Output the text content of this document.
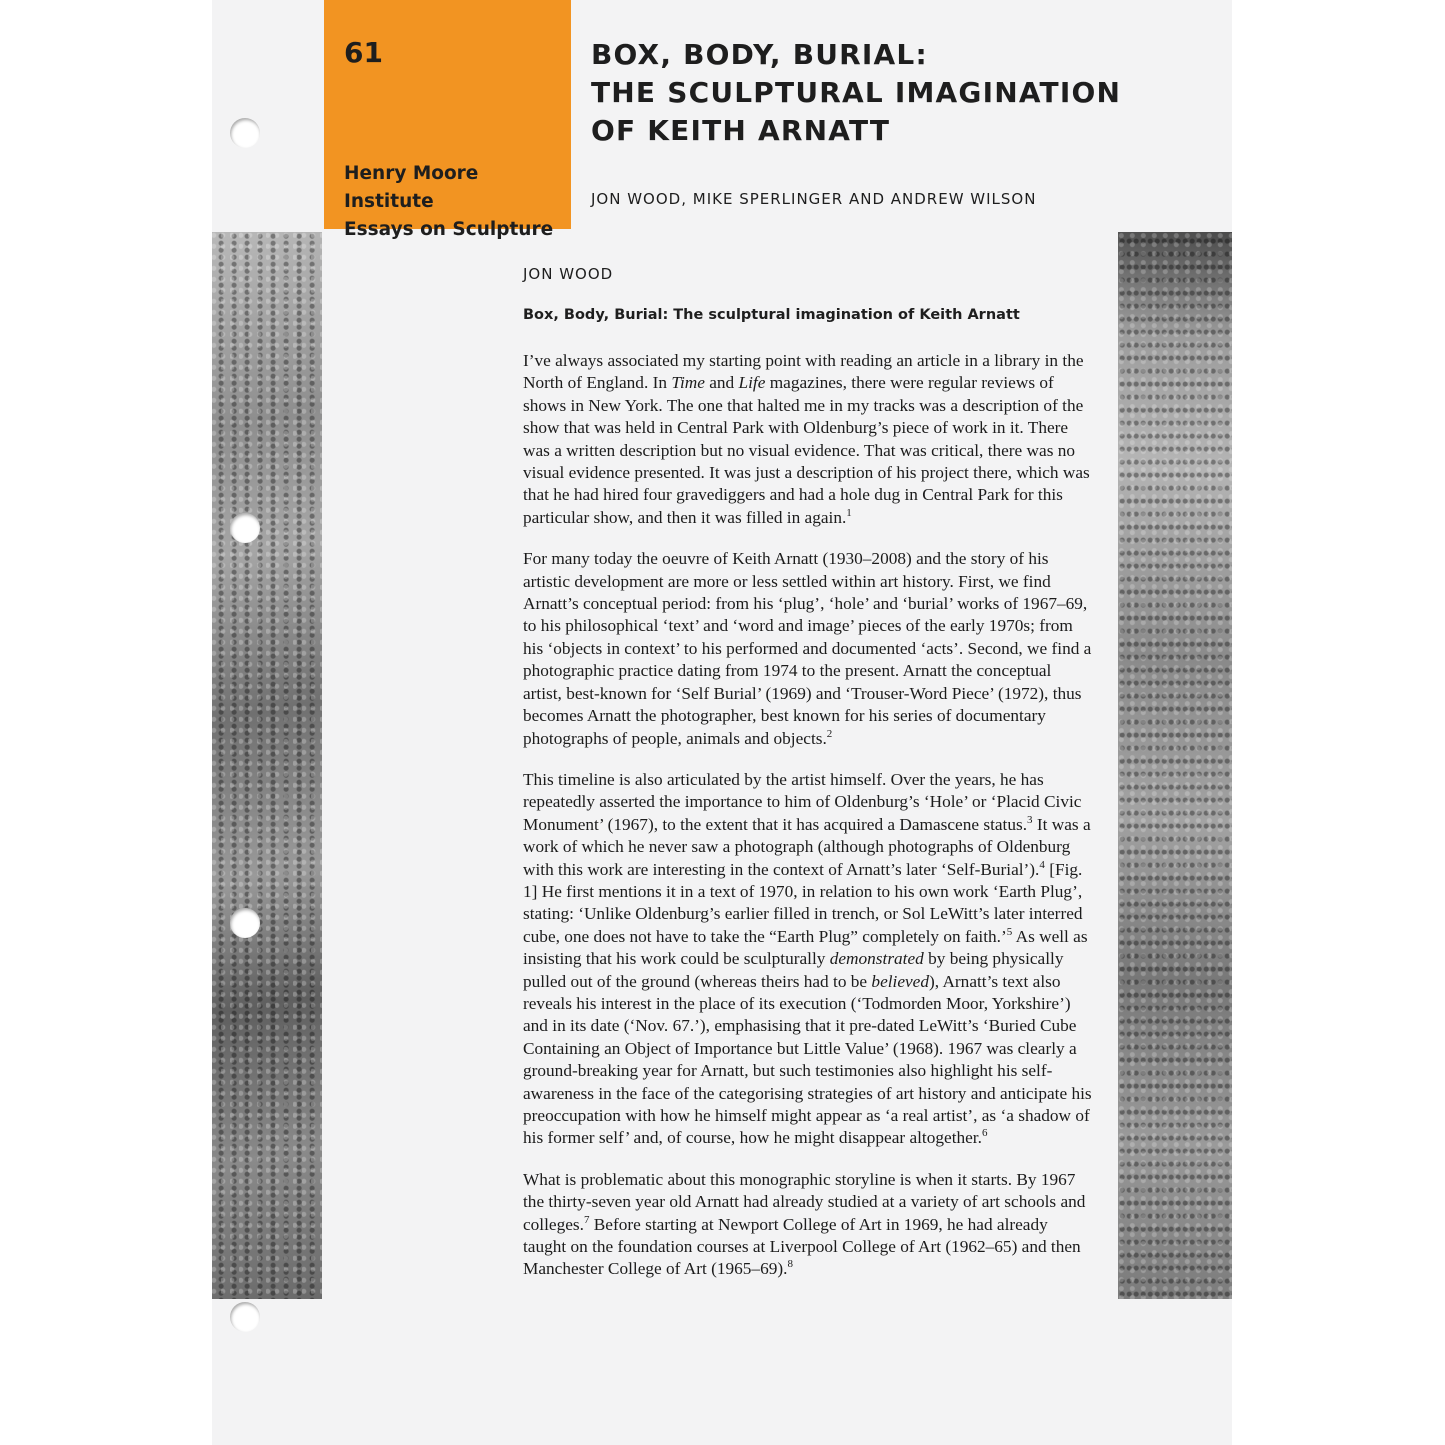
61
Henry Moore Institute
Essays on Sculpture
BOX, BODY, BURIAL:
THE SCULPTURAL IMAGINATION
OF KEITH ARNATT
JON WOOD, MIKE SPERLINGER AND ANDREW WILSON
JON WOOD
Box, Body, Burial: The sculptural imagination of Keith Arnatt

I’ve always associated my starting point with reading an article in a library in the North of England. In Time and Life magazines, there were regular reviews of shows in New York. The one that halted me in my tracks was a description of the show that was held in Central Park with Oldenburg’s piece of work in it. There was a written description but no visual evidence. That was critical, there was no visual evidence presented. It was just a description of his project there, which was that he had hired four gravediggers and had a hole dug in Central Park for this particular show, and then it was filled in again.$^1$

For many today the oeuvre of Keith Arnatt (1930–2008) and the story of his artistic development are more or less settled within art history. First, we find Arnatt’s conceptual period: from his ‘plug’, ‘hole’ and ‘burial’ works of 1967–69, to his philosophical ‘text’ and ‘word and image’ pieces of the early 1970s; from his ‘objects in context’ to his performed and documented ‘acts’. Second, we find a photographic practice dating from 1974 to the present. Arnatt the conceptual artist, best-known for ‘Self Burial’ (1969) and ‘Trouser-Word Piece’ (1972), thus becomes Arnatt the photographer, best known for his series of documentary photographs of people, animals and objects.$^2$

This timeline is also articulated by the artist himself. Over the years, he has repeatedly asserted the importance to him of Oldenburg’s ‘Hole’ or ‘Placid Civic Monument’ (1967), to the extent that it has acquired a Damascene status.$^3$ It was a work of which he never saw a photograph (although photographs of Oldenburg with this work are interesting in the context of Arnatt’s later ‘Self-Burial’).$^4$ [Fig. 1] He first mentions it in a text of 1970, in relation to his own work ‘Earth Plug’, stating: ‘Unlike Oldenburg’s earlier filled in trench, or Sol LeWitt’s later interred cube, one does not have to take the “Earth Plug” completely on faith.’$^5$ As well as insisting that his work could be sculpturally demonstrated by being physically pulled out of the ground (whereas theirs had to be believed), Arnatt’s text also reveals his interest in the place of its execution (‘Todmorden Moor, Yorkshire’) and in its date (‘Nov. 67.’), emphasising that it pre-dated LeWitt’s ‘Buried Cube Containing an Object of Importance but Little Value’ (1968). 1967 was clearly a ground-breaking year for Arnatt, but such testimonies also highlight his self-awareness in the face of the categorising strategies of art history and anticipate his preoccupation with how he himself might appear as ‘a real artist’, as ‘a shadow of his former self’ and, of course, how he might disappear altogether.$^6$

What is problematic about this monographic storyline is when it starts. By 1967 the thirty-seven year old Arnatt had already studied at a variety of art schools and colleges.$^7$ Before starting at Newport College of Art in 1969, he had already taught on the foundation courses at Liverpool College of Art (1962–65) and then Manchester College of Art (1965–69).$^8$
